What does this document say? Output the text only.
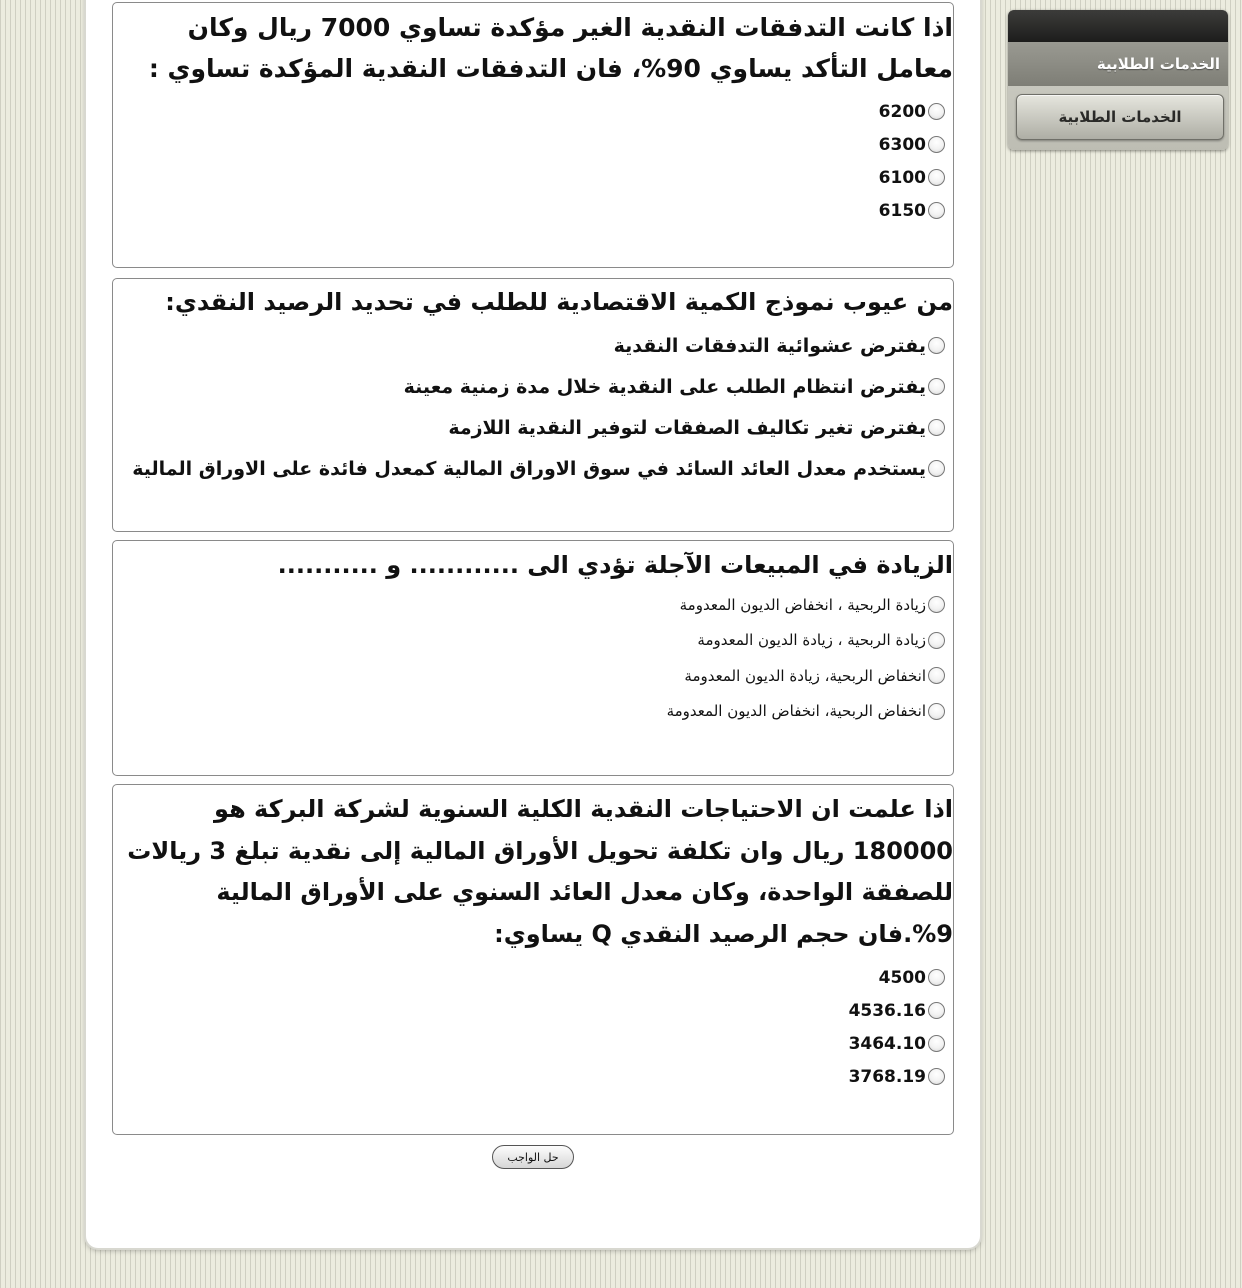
اذا كانت التدفقات النقدية الغير مؤكدة تساوي 7000 ريال وكان معامل التأكد يساوي 90%، فان التدفقات النقدية المؤكدة تساوي :

6200
6300
6100
6150

من عيوب نموذج الكمية الاقتصادية للطلب في تحديد الرصيد النقدي:

يفترض عشوائية التدفقات النقدية
يفترض انتظام الطلب على النقدية خلال مدة زمنية معينة
يفترض تغير تكاليف الصفقات لتوفير النقدية اللازمة
يستخدم معدل العائد السائد في سوق الاوراق المالية كمعدل فائدة على الاوراق المالية

الزيادة في المبيعات الآجلة تؤدي الى ............ و ...........

زيادة الربحية ، انخفاض الديون المعدومة
زيادة الربحية ، زيادة الديون المعدومة
انخفاض الربحية، زيادة الديون المعدومة
انخفاض الربحية، انخفاض الديون المعدومة

اذا علمت ان الاحتياجات النقدية الكلية السنوية لشركة البركة هو 180000 ريال وان تكلفة تحويل الأوراق المالية إلى نقدية تبلغ 3 ريالات للصفقة الواحدة، وكان معدل العائد السنوي على الأوراق المالية 9%.فان حجم الرصيد النقدي Q يساوي:

4500
4536.16
3464.10
3768.19
حل الواجب
الخدمات الطلابية
الخدمات الطلابية
